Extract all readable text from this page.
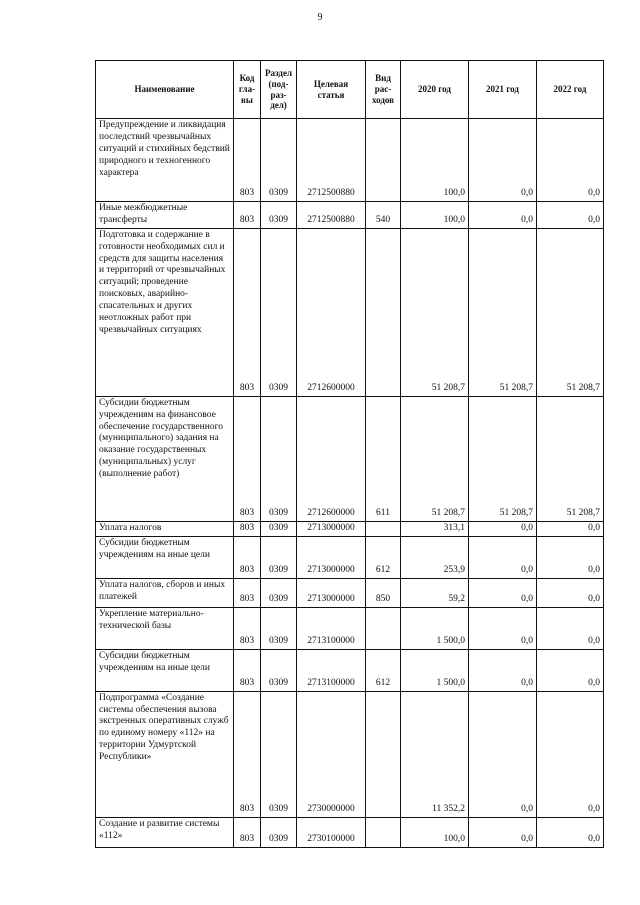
9
Наименование	Код гла- вы	Раздел (под- раз- дел)	Целевая статья	Вид рас- ходов	2020 год	2021 год	2022 год
Предупреждение и ликвидация последствий чрезвычайных ситуаций и стихийных бедствий природного и техногенного характера	803	0309	2712500880		100,0	0,0	0,0
Иные межбюджетные трансферты	803	0309	2712500880	540	100,0	0,0	0,0
Подготовка и содержание в готовности необходимых сил и средств для защиты населения и территорий от чрезвычайных ситуаций; проведение поисковых, аварийно-спасательных и других неотложных работ при чрезвычайных ситуациях	803	0309	2712600000		51 208,7	51 208,7	51 208,7
Субсидии бюджетным учреждениям на финансовое обеспечение государственного (муниципального) задания на оказание государственных (муниципальных) услуг (выполнение работ)	803	0309	2712600000	611	51 208,7	51 208,7	51 208,7
Уплата налогов	803	0309	2713000000		313,1	0,0	0,0
Субсидии бюджетным учреждениям на иные цели	803	0309	2713000000	612	253,9	0,0	0,0
Уплата налогов, сборов и иных платежей	803	0309	2713000000	850	59,2	0,0	0,0
Укрепление материально-технической базы	803	0309	2713100000		1 500,0	0,0	0,0
Субсидии бюджетным учреждениям на иные цели	803	0309	2713100000	612	1 500,0	0,0	0,0
Подпрограмма «Создание системы обеспечения вызова экстренных оперативных служб по единому номеру «112» на территории Удмуртской Республики»	803	0309	2730000000		11 352,2	0,0	0,0
Создание и развитие системы «112»	803	0309	2730100000		100,0	0,0	0,0
